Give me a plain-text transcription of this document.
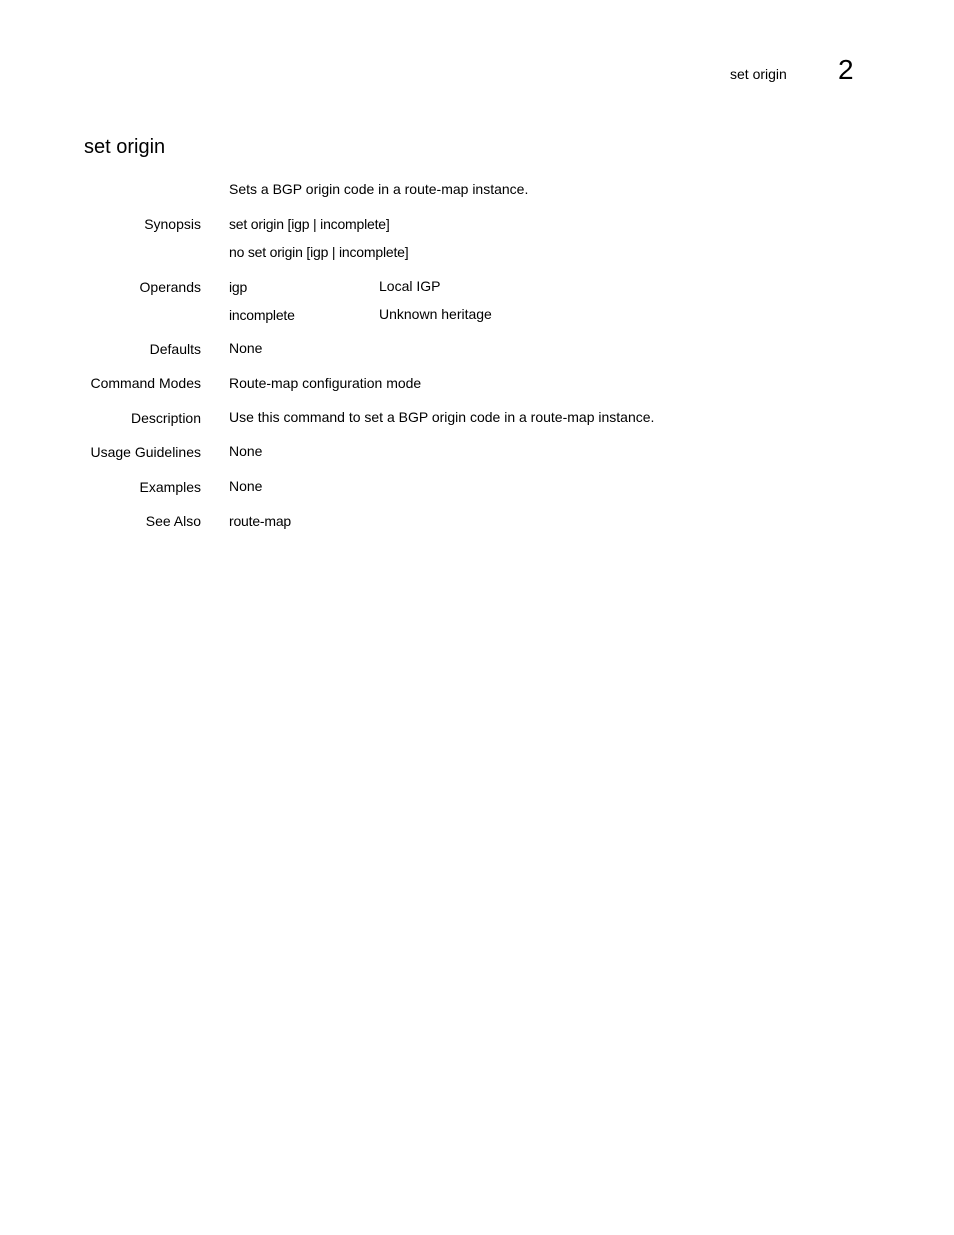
set origin 2
set origin
Sets a BGP origin code in a route-map instance.
Synopsis set origin [igp | incomplete]
no set origin [igp | incomplete]
Operands igp	Local IGP
incomplete	Unknown heritage
Defaults None
Command Modes Route-map configuration mode
Description Use this command to set a BGP origin code in a route-map instance.
Usage Guidelines None
Examples None
See Also route-map
